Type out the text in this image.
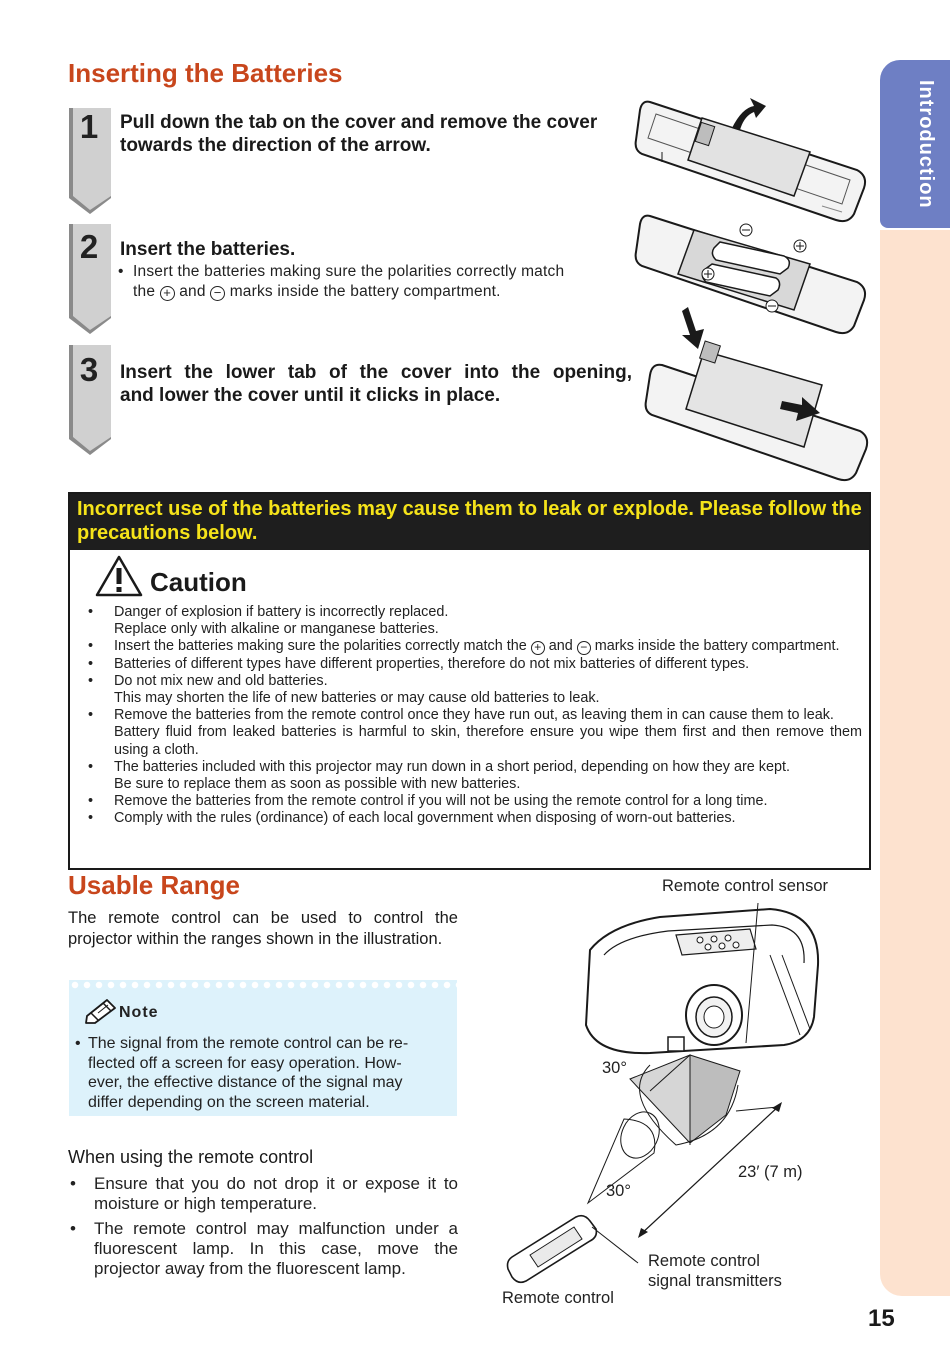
Introduction
Inserting the Batteries
1	Pull down the tab on the cover and remove the cover
towards the direction of the arrow.
2	Insert the batteries.
• Insert the batteries making sure the polarities correctly match
the + and − marks inside the battery compartment.
3	Insert the lower tab of the cover into the opening,
and lower the cover until it clicks in place.
Incorrect use of the batteries may cause them to leak or explode. Please follow the precautions below.
Caution
• Danger of explosion if battery is incorrectly replaced.
Replace only with alkaline or manganese batteries.
• Insert the batteries making sure the polarities correctly match the + and − marks inside the battery compartment.
• Batteries of different types have different properties, therefore do not mix batteries of different types.
• Do not mix new and old batteries.
This may shorten the life of new batteries or may cause old batteries to leak.
• Remove the batteries from the remote control once they have run out, as leaving them in can cause them to leak.
Battery fluid from leaked batteries is harmful to skin, therefore ensure you wipe them first and then remove them using a cloth.
• The batteries included with this projector may run down in a short period, depending on how they are kept.
Be sure to replace them as soon as possible with new batteries.
• Remove the batteries from the remote control if you will not be using the remote control for a long time.
• Comply with the rules (ordinance) of each local government when disposing of worn-out batteries.
Usable Range
The remote control can be used to control the projector within the ranges shown in the illustration.
Note
• The signal from the remote control can be re-
flected off a screen for easy operation. How-
ever, the effective distance of the signal may
differ depending on the screen material.
When using the remote control
• Ensure that you do not drop it or expose it to moisture or high temperature.
• The remote control may malfunction under a fluorescent lamp. In this case, move the projector away from the fluorescent lamp.
Remote control sensor
30°
30°
23′ (7 m)
Remote control
signal transmitters
Remote control
15
